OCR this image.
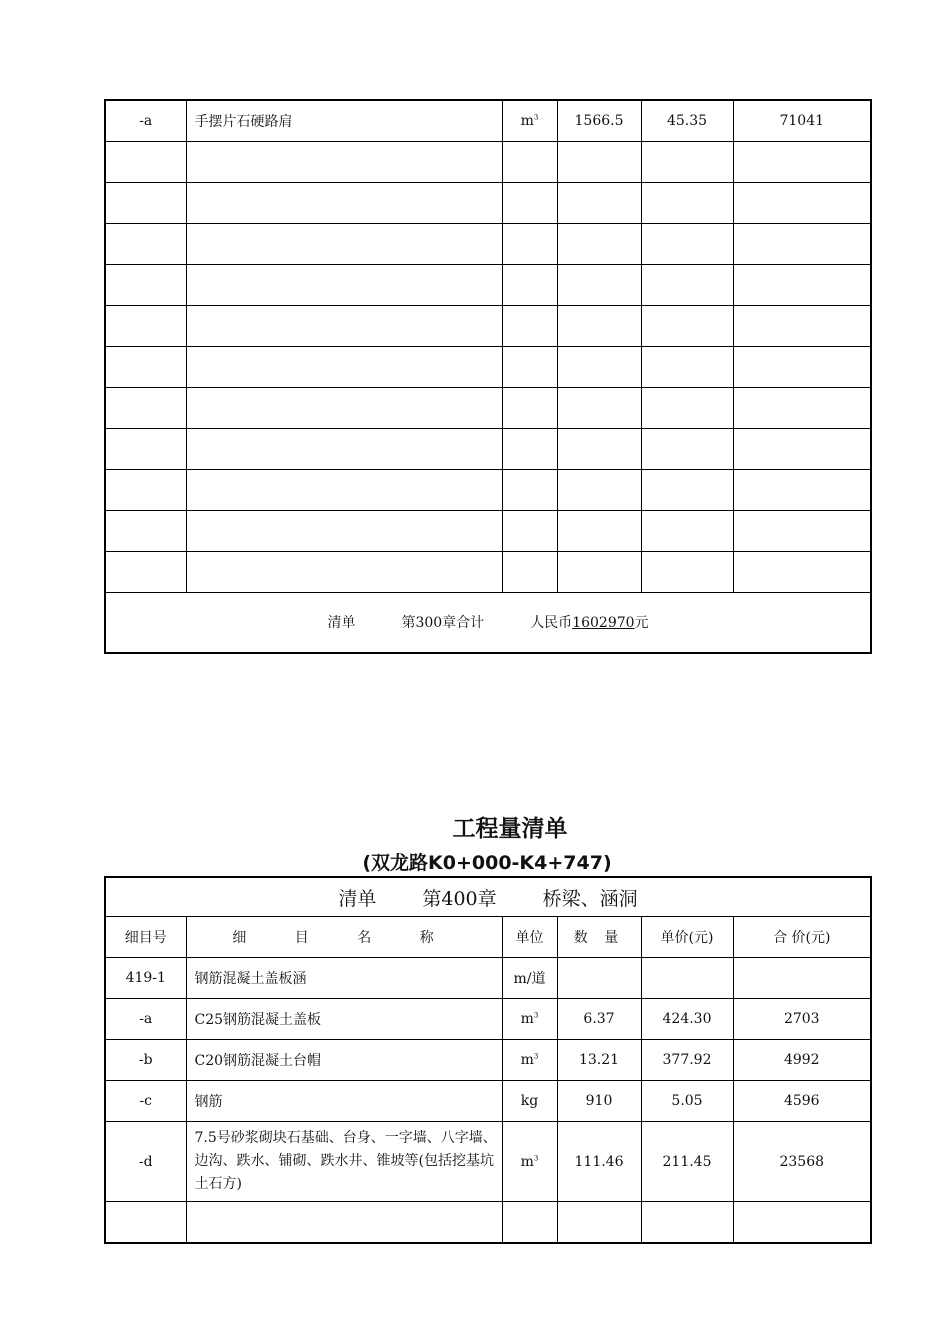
-a	手摆片石硬路肩	$m^3$	1566.5	45.35	71041

清单 第300章合计 人民币1602970元					
工程量清单
(双龙路K0+000-K4+747)
清单 第400章 桥梁、涵洞					
细目号	细 目 名 称	单位	数 量	单价(元)	合 价(元)
419-1	钢筋混凝土盖板涵	m/道			
-a	C25钢筋混凝土盖板	$m^3$	6.37	424.30	2703
-b	C20钢筋混凝土台帽	$m^3$	13.21	377.92	4992
-c	钢筋	kg	910	5.05	4596
-d	7.5号砂浆砌块石基础、台身、一字墙、八字墙、边沟、跌水、铺砌、跌水井、锥坡等(包括挖基坑土石方)	$m^3$	111.46	211.45	23568
